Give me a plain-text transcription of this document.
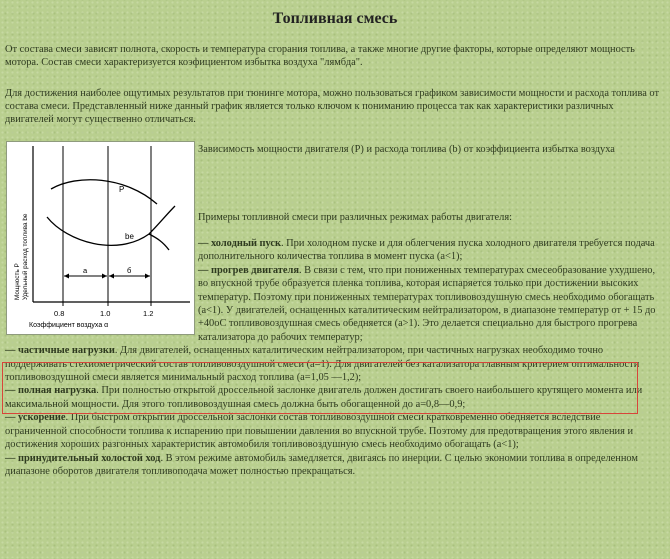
Топливная смесь

От состава смеси зависят полнота, скорость и температура сгорания топлива, а также многие другие факторы, которые определяют мощность мотора. Состав смеси характеризуется коэфициентом избытка воздуха "лямбда".

Для достижения наиболее ощутимых результатов при тюнинге мотора, можно пользоваться графиком зависимости мощности и расхода топлива от состава смеси. Представленный ниже данный график является только ключом к пониманию процесса так как характеристики различных двигателей могут существенно отличаться.

P
bе
а	б
Мощность P Удельный расход топлива bе
0.8	1.0	1.2
Коэффициент воздуха α

Зависимость мощности двигателя (P) и расхода топлива (b) от коэффициента избытка воздуха

Примеры топливной смеси при различных режимах работы двигателя:

— холодный пуск. При холодном пуске и для облегчения пуска холодного двигателя требуется подача дополнительного количества топлива в момент пуска (a<1);

— прогрев двигателя. В связи с тем, что при пониженных температурах смесеобразование ухудшено, во впускной трубе образуется пленка топлива, которая испаряется только при достижении высоких температур. Поэтому при пониженных температурах топливовоздушную смесь необходимо обогащать (a<1). У двигателей, оснащенных каталитическим нейтрализатором, в диапазоне температур от + 15 до +40оС топливовоздушная смесь обедняется (a>1). Это делается специально для быстрого прогрева катализатора до рабочих температур;

— частичные нагрузки. Для двигателей, оснащенных каталитическим нейтрализатором, при частичных нагрузках необходимо точно поддерживать стехиометрический состав топливовоздушной смеси (a=1). Для двигателей без катализатора главным критерием оптимальности топливовоздушной смеси является минимальный расход топлива (a=1,05 —1,2);

— полная нагрузка. При полностью открытой дроссельной заслонке двигатель должен достигать своего наибольшего крутящего момента или максимальной мощности. Для этого топливовоздушная смесь должна быть обогащенной до a=0,8—0,9;

— ускорение. При быстром открытии дроссельной заслонки состав топливовоздушной смеси кратковременно обедняется вследствие ограниченной способности топлива к испарению при повышении давления во впускной трубе. Поэтому для предотвращения этого явления и достижения хороших разгонных характеристик автомобиля топливовоздушную смесь необходимо обогащать (a<1);

— принудительный холостой ход. В этом режиме автомобиль замедляется, двигаясь по инерции. С целью экономии топлива в определенном диапазоне оборотов двигателя топливоподача может полностью прекращаться.
